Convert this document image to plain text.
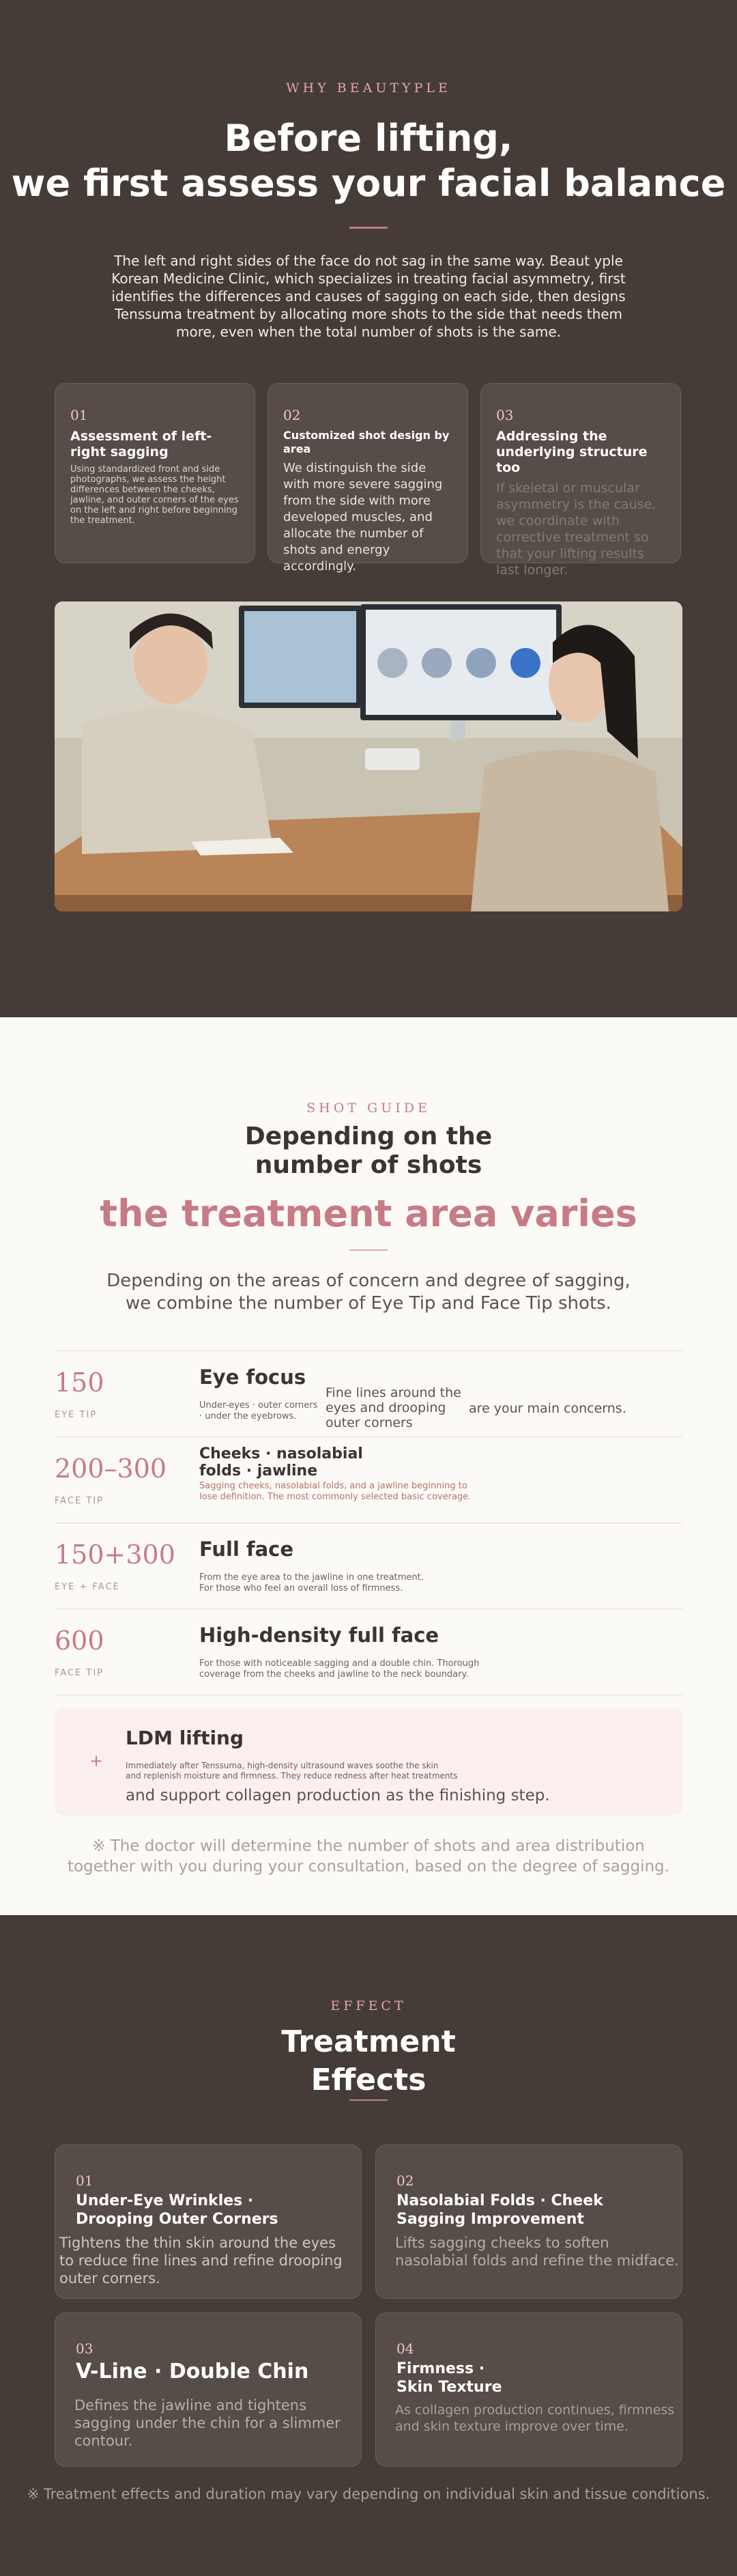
WHY BEAUTYPLE
Before lifting,
we first assess your facial balance

The left and right sides of the face do not sag in the same way. Beaut yple Korean Medicine Clinic, which specializes in treating facial asymmetry, first identifies the differences and causes of sagging on each side, then designs Tenssuma treatment by allocating more shots to the side that needs them more, even when the total number of shots is the same.

01
Assessment of left-right sagging
Using standardized front and side photographs, we assess the height differences between the cheeks, jawline, and outer corners of the eyes on the left and right before beginning the treatment.
02
Customized shot design by area
We distinguish the side with more severe sagging from the side with more developed muscles, and allocate the number of shots and energy accordingly.
03
Addressing the underlying structure too
If skeletal or muscular asymmetry is the cause, we coordinate with corrective treatment so that your lifting results last longer.
SHOT GUIDE
Depending on the
number of shots
the treatment area varies

Depending on the areas of concern and degree of sagging,
we combine the number of Eye Tip and Face Tip shots.

150
EYE TIP
Eye focus
Under-eyes · outer corners
· under the eyebrows.
Fine lines around the eyes and drooping outer corners
are your main concerns.
200–300
FACE TIP
Cheeks · nasolabial
folds · jawline
Sagging cheeks, nasolabial folds, and a jawline beginning to
lose definition. The most commonly selected basic coverage.
150+300
EYE + FACE
Full face
From the eye area to the jawline in one treatment.
For those who feel an overall loss of firmness.
600
FACE TIP
High-density full face
For those with noticeable sagging and a double chin. Thorough
coverage from the cheeks and jawline to the neck boundary.
+
LDM lifting
Immediately after Tenssuma, high-density ultrasound waves soothe the skin
and replenish moisture and firmness. They reduce redness after heat treatments
and support collagen production as the finishing step.

※ The doctor will determine the number of shots and area distribution
together with you during your consultation, based on the degree of sagging.

EFFECT
Treatment
Effects
01
Under-Eye Wrinkles ·
Drooping Outer Corners
Tightens the thin skin around the eyes to reduce fine lines and refine drooping outer corners.
02
Nasolabial Folds · Cheek
Sagging Improvement
Lifts sagging cheeks to soften nasolabial folds and refine the midface.
03
V-Line · Double Chin
Defines the jawline and tightens sagging under the chin for a slimmer contour.
04
Firmness ·
Skin Texture
As collagen production continues, firmness and skin texture improve over time.

※ Treatment effects and duration may vary depending on individual skin and tissue conditions.
